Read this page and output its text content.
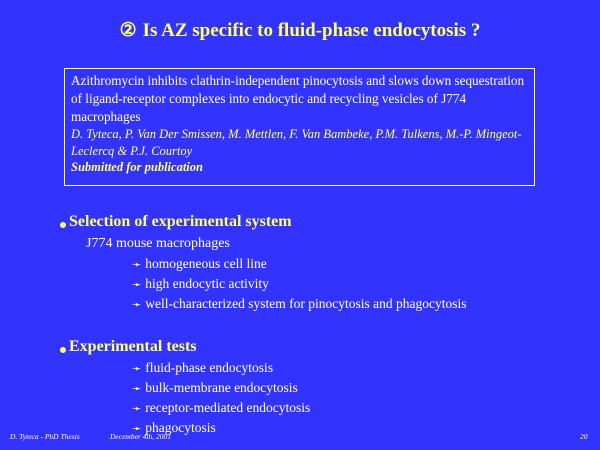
② Is AZ specific to fluid-phase endocytosis ?
Azithromycin inhibits clathrin-independent pinocytosis and slows down sequestration of ligand-receptor complexes into endocytic and recycling vesicles of J774 macrophages
D. Tyteca, P. Van Der Smissen, M. Mettlen, F. Van Bambeke, P.M. Tulkens, M.-P. Mingeot-Leclercq & P.J. Courtoy
Submitted for publication
Selection of experimental system
J774 mouse macrophages
➛ homogeneous cell line
➛ high endocytic activity
➛ well-characterized system for pinocytosis and phagocytosis
Experimental tests
➛ fluid-phase endocytosis
➛ bulk-membrane endocytosis
➛ receptor-mediated endocytosis
➛ phagocytosis
D. Tyteca - PhD Thesis	December 4th, 2001	20
